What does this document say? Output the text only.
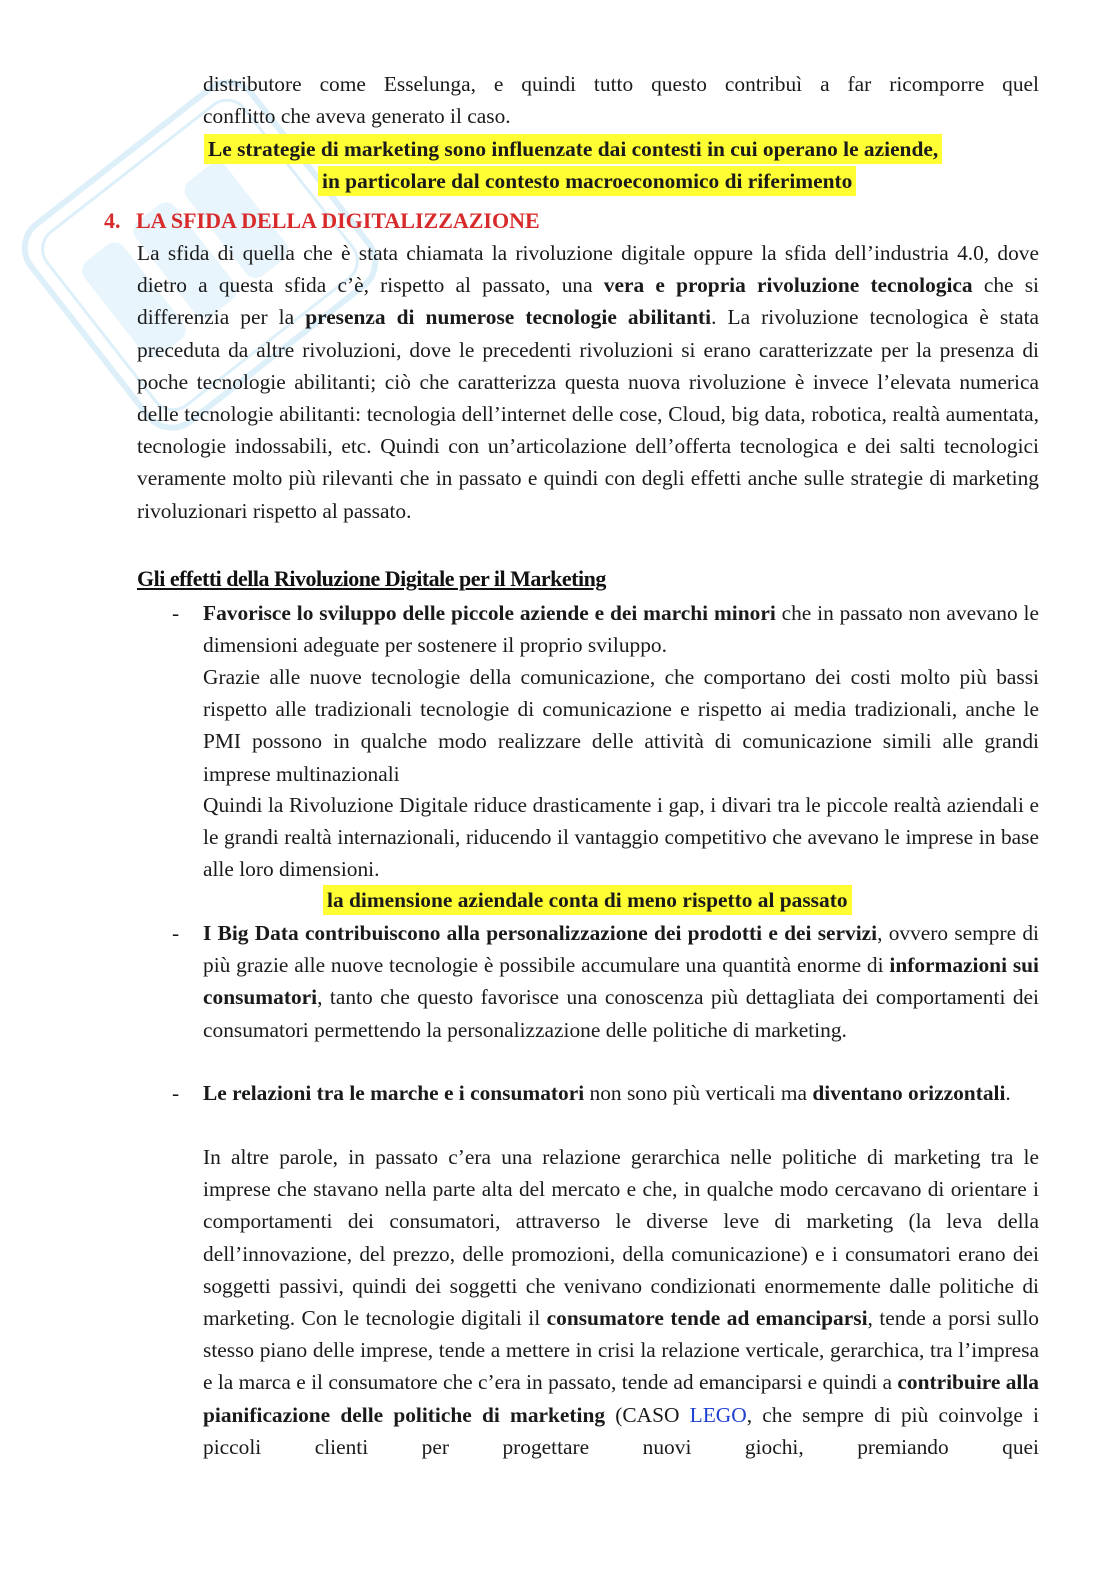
distributore come Esselunga, e quindi tutto questo contribuì a far ricomporre quel

conflitto che aveva generato il caso.

Le strategie di marketing sono influenzate dai contesti in cui operano le aziende,
in particolare dal contesto macroeconomico di riferimento
4. LA SFIDA DELLA DIGITALIZZAZIONE

La sfida di quella che è stata chiamata la rivoluzione digitale oppure la sfida dell’industria 4.0, dove dietro a questa sfida c’è, rispetto al passato, una vera e propria rivoluzione tecnologica che si differenzia per la presenza di numerose tecnologie abilitanti. La rivoluzione tecnologica è stata preceduta da altre rivoluzioni, dove le precedenti rivoluzioni si erano caratterizzate per la presenza di poche tecnologie abilitanti; ciò che caratterizza questa nuova rivoluzione è invece l’elevata numerica delle tecnologie abilitanti: tecnologia dell’internet delle cose, Cloud, big data, robotica, realtà aumentata, tecnologie indossabili, etc. Quindi con un’articolazione dell’offerta tecnologica e dei salti tecnologici veramente molto più rilevanti che in passato e quindi con degli effetti anche sulle strategie di marketing rivoluzionari rispetto al passato.

Gli effetti della Rivoluzione Digitale per il Marketing
- Favorisce lo sviluppo delle piccole aziende e dei marchi minori che in passato non avevano le dimensioni adeguate per sostenere il proprio sviluppo.

Grazie alle nuove tecnologie della comunicazione, che comportano dei costi molto più bassi rispetto alle tradizionali tecnologie di comunicazione e rispetto ai media tradizionali, anche le PMI possono in qualche modo realizzare delle attività di comunicazione simili alle grandi imprese multinazionali

Quindi la Rivoluzione Digitale riduce drasticamente i gap, i divari tra le piccole realtà aziendali e le grandi realtà internazionali, riducendo il vantaggio competitivo che avevano le imprese in base alle loro dimensioni.

la dimensione aziendale conta di meno rispetto al passato
- I Big Data contribuiscono alla personalizzazione dei prodotti e dei servizi, ovvero sempre di più grazie alle nuove tecnologie è possibile accumulare una quantità enorme di informazioni sui consumatori, tanto che questo favorisce una conoscenza più dettagliata dei comportamenti dei consumatori permettendo la personalizzazione delle politiche di marketing.

- Le relazioni tra le marche e i consumatori non sono più verticali ma diventano orizzontali.

In altre parole, in passato c’era una relazione gerarchica nelle politiche di marketing tra le imprese che stavano nella parte alta del mercato e che, in qualche modo cercavano di orientare i comportamenti dei consumatori, attraverso le diverse leve di marketing (la leva della dell’innovazione, del prezzo, delle promozioni, della comunicazione) e i consumatori erano dei soggetti passivi, quindi dei soggetti che venivano condizionati enormemente dalle politiche di marketing. Con le tecnologie digitali il consumatore tende ad emanciparsi, tende a porsi sullo stesso piano delle imprese, tende a mettere in crisi la relazione verticale, gerarchica, tra l’impresa e la marca e il consumatore che c’era in passato, tende ad emanciparsi e quindi a contribuire alla pianificazione delle politiche di marketing (CASO LEGO, che sempre di più coinvolge i piccoli clienti per progettare nuovi giochi, premiando quei
